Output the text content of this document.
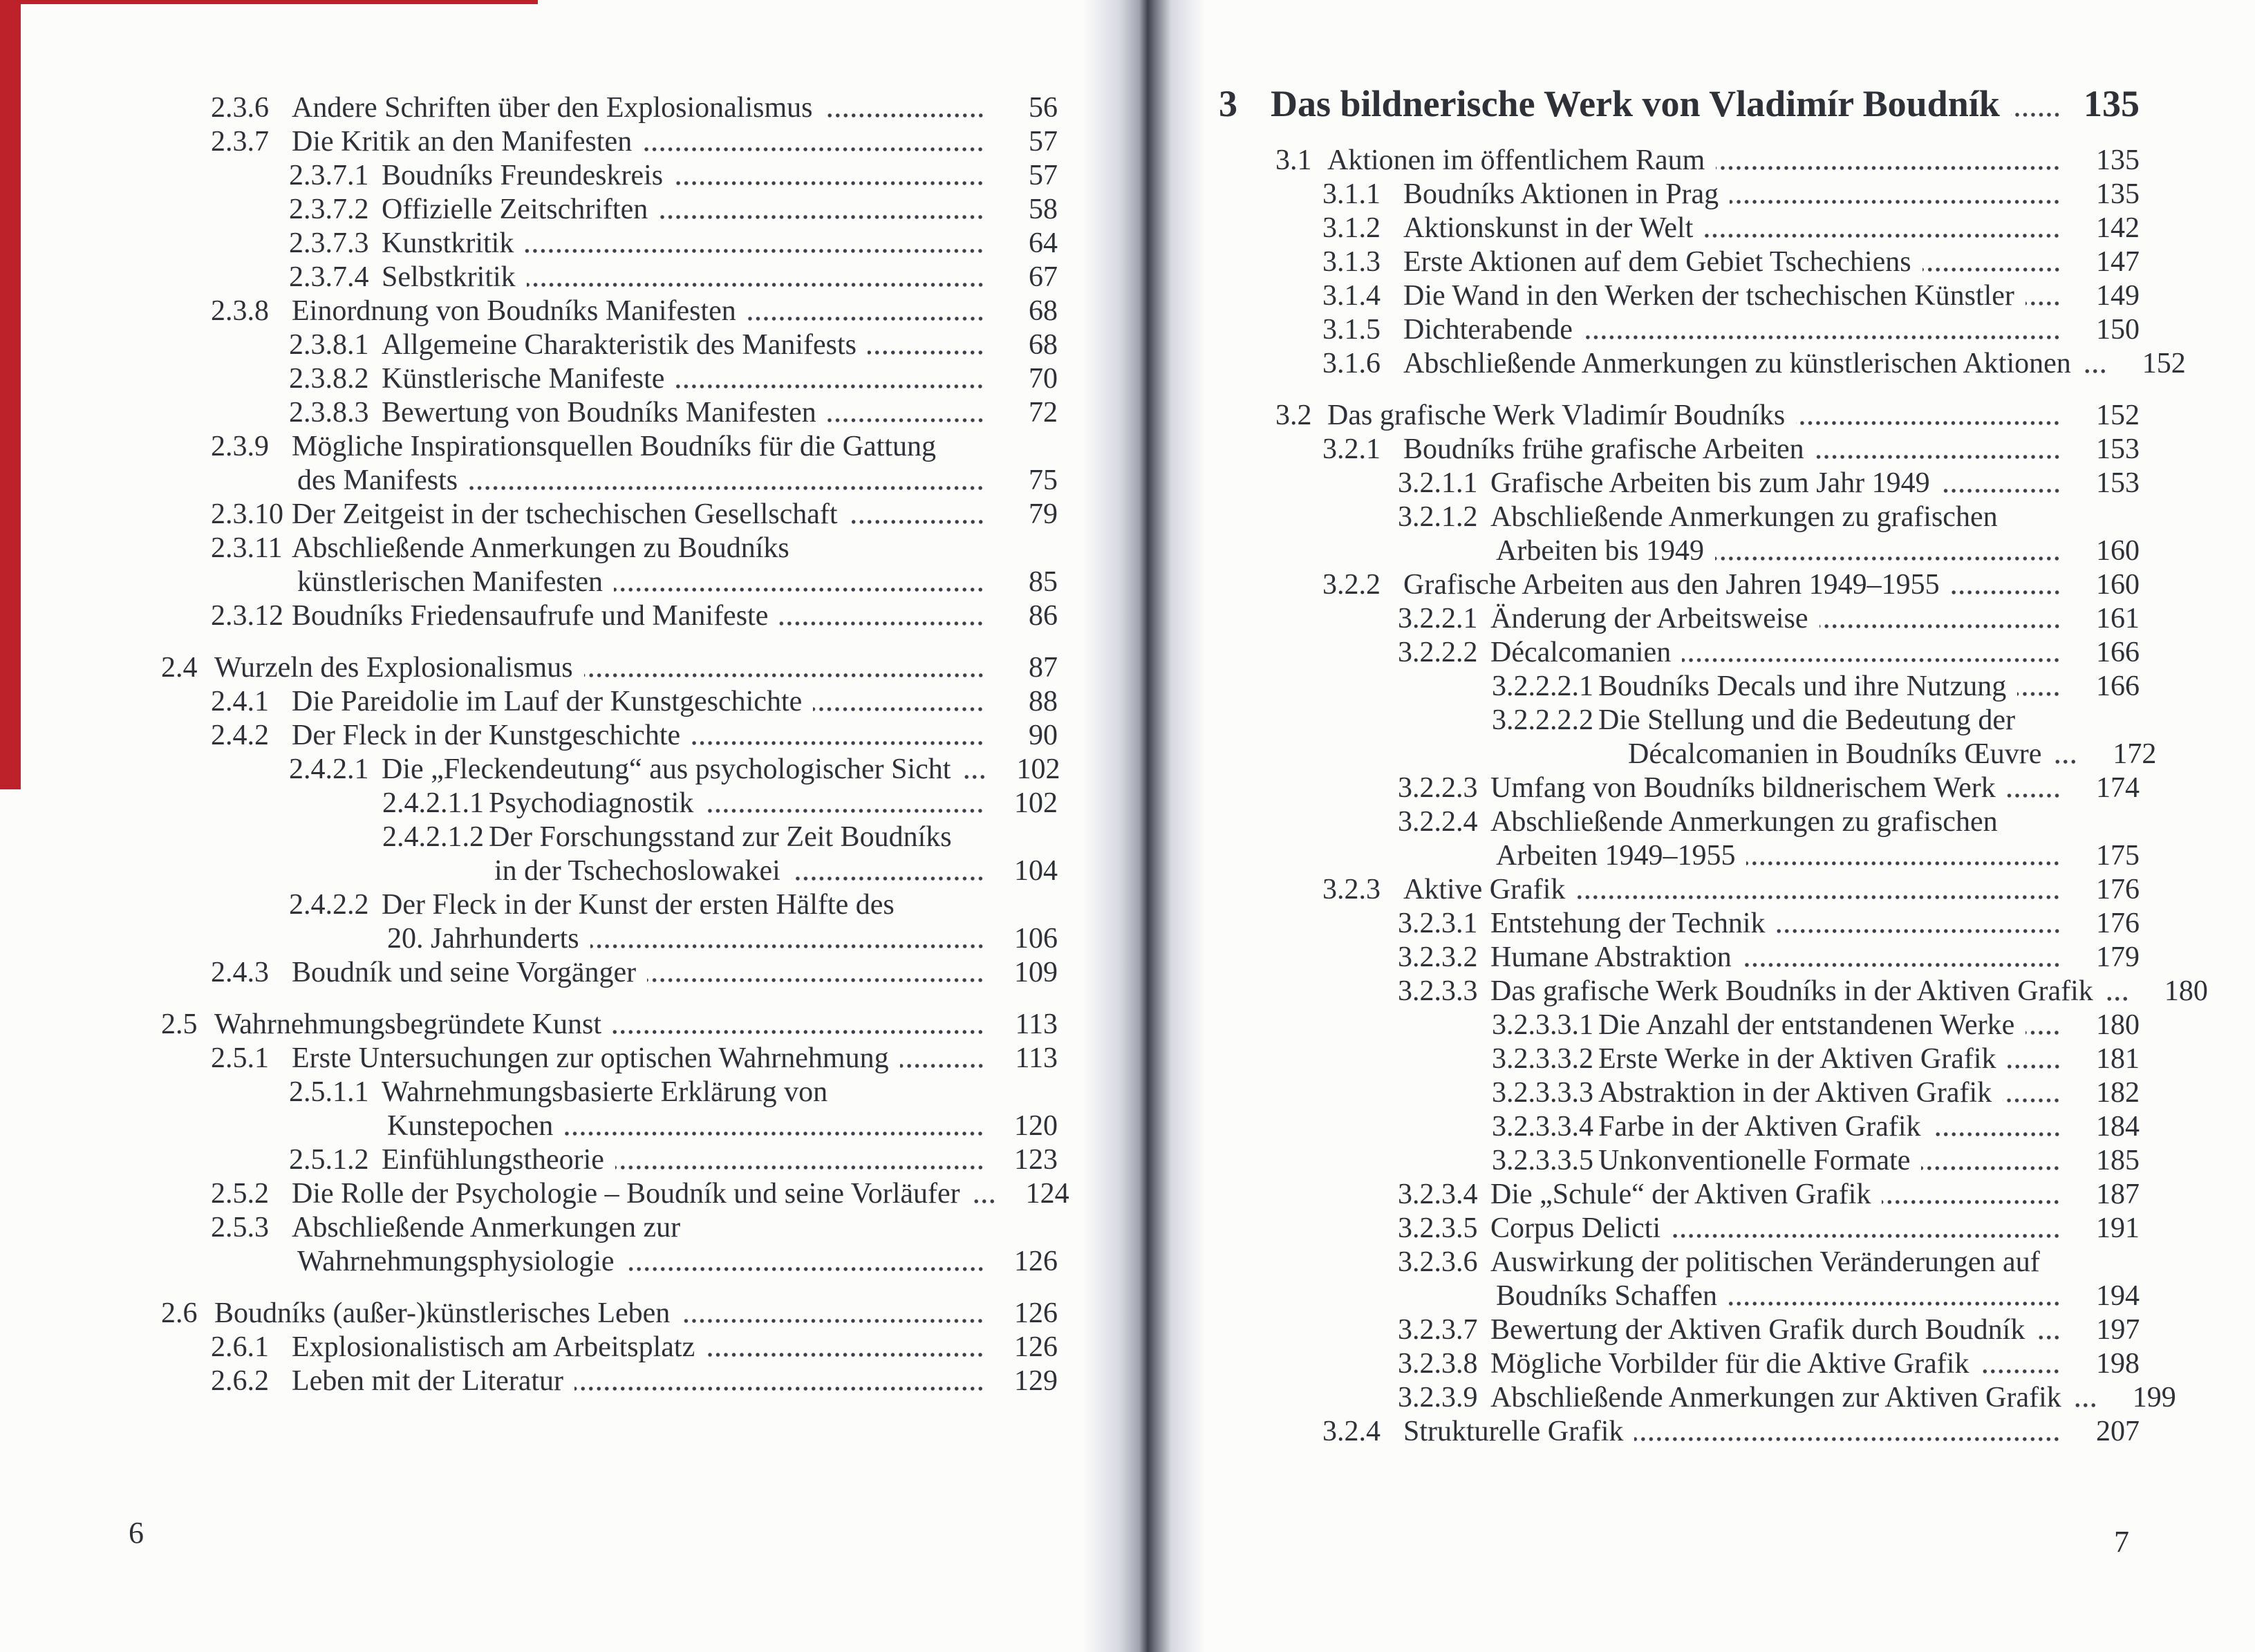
2.3.6 Andere Schriften über den Explosionalismus	56
2.3.7 Die Kritik an den Manifesten	57
2.3.7.1 Boudníks Freundeskreis	57
2.3.7.2 Offizielle Zeitschriften	58
2.3.7.3 Kunstkritik	64
2.3.7.4 Selbstkritik	67
2.3.8 Einordnung von Boudníks Manifesten	68
2.3.8.1 Allgemeine Charakteristik des Manifests	68
2.3.8.2 Künstlerische Manifeste	70
2.3.8.3 Bewertung von Boudníks Manifesten	72
2.3.9 Mögliche Inspirationsquellen Boudníks für die Gattung
des Manifests	75
2.3.10 Der Zeitgeist in der tschechischen Gesellschaft	79
2.3.11 Abschließende Anmerkungen zu Boudníks
künstlerischen Manifesten	85
2.3.12 Boudníks Friedensaufrufe und Manifeste	86
2.4 Wurzeln des Explosionalismus	87
2.4.1 Die Pareidolie im Lauf der Kunstgeschichte	88
2.4.2 Der Fleck in der Kunstgeschichte	90
2.4.2.1 Die „Fleckendeutung“ aus psychologischer Sicht	102
2.4.2.1.1 Psychodiagnostik	102
2.4.2.1.2 Der Forschungsstand zur Zeit Boudníks
in der Tschechoslowakei	104
2.4.2.2 Der Fleck in der Kunst der ersten Hälfte des
20. Jahrhunderts	106
2.4.3 Boudník und seine Vorgänger	109
2.5 Wahrnehmungsbegründete Kunst	113
2.5.1 Erste Untersuchungen zur optischen Wahrnehmung	113
2.5.1.1 Wahrnehmungsbasierte Erklärung von
Kunstepochen	120
2.5.1.2 Einfühlungstheorie	123
2.5.2 Die Rolle der Psychologie – Boudník und seine Vorläufer	124
2.5.3 Abschließende Anmerkungen zur
Wahrnehmungsphysiologie	126
2.6 Boudníks (außer-)künstlerisches Leben	126
2.6.1 Explosionalistisch am Arbeitsplatz	126
2.6.2 Leben mit der Literatur	129
6
3 Das bildnerische Werk von Vladimír Boudník	135
3.1 Aktionen im öffentlichem Raum	135
3.1.1 Boudníks Aktionen in Prag	135
3.1.2 Aktionskunst in der Welt	142
3.1.3 Erste Aktionen auf dem Gebiet Tschechiens	147
3.1.4 Die Wand in den Werken der tschechischen Künstler	149
3.1.5 Dichterabende	150
3.1.6 Abschließende Anmerkungen zu künstlerischen Aktionen	152
3.2 Das grafische Werk Vladimír Boudníks	152
3.2.1 Boudníks frühe grafische Arbeiten	153
3.2.1.1 Grafische Arbeiten bis zum Jahr 1949	153
3.2.1.2 Abschließende Anmerkungen zu grafischen
Arbeiten bis 1949	160
3.2.2 Grafische Arbeiten aus den Jahren 1949–1955	160
3.2.2.1 Änderung der Arbeitsweise	161
3.2.2.2 Décalcomanien	166
3.2.2.2.1 Boudníks Decals und ihre Nutzung	166
3.2.2.2.2 Die Stellung und die Bedeutung der
Décalcomanien in Boudníks Œuvre	172
3.2.2.3 Umfang von Boudníks bildnerischem Werk	174
3.2.2.4 Abschließende Anmerkungen zu grafischen
Arbeiten 1949–1955	175
3.2.3 Aktive Grafik	176
3.2.3.1 Entstehung der Technik	176
3.2.3.2 Humane Abstraktion	179
3.2.3.3 Das grafische Werk Boudníks in der Aktiven Grafik	180
3.2.3.3.1 Die Anzahl der entstandenen Werke	180
3.2.3.3.2 Erste Werke in der Aktiven Grafik	181
3.2.3.3.3 Abstraktion in der Aktiven Grafik	182
3.2.3.3.4 Farbe in der Aktiven Grafik	184
3.2.3.3.5 Unkonventionelle Formate	185
3.2.3.4 Die „Schule“ der Aktiven Grafik	187
3.2.3.5 Corpus Delicti	191
3.2.3.6 Auswirkung der politischen Veränderungen auf
Boudníks Schaffen	194
3.2.3.7 Bewertung der Aktiven Grafik durch Boudník	197
3.2.3.8 Mögliche Vorbilder für die Aktive Grafik	198
3.2.3.9 Abschließende Anmerkungen zur Aktiven Grafik	199
3.2.4 Strukturelle Grafik	207
7
